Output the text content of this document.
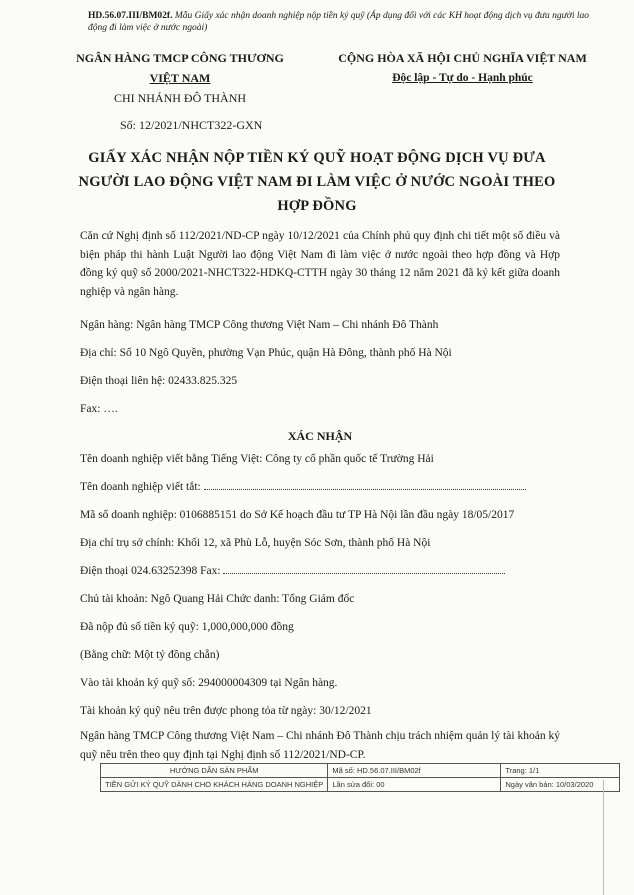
HD.56.07.III/BM02f. Mẫu Giấy xác nhận doanh nghiệp nộp tiền ký quỹ (Áp dụng đối với các KH hoạt động dịch vụ đưa người lao động đi làm việc ở nước ngoài)
NGÂN HÀNG TMCP CÔNG THƯƠNG
VIỆT NAM
CHI NHÁNH ĐÔ THÀNH
Số: 12/2021/NHCT322-GXN
CỘNG HÒA XÃ HỘI CHỦ NGHĨA VIỆT NAM
Độc lập - Tự do - Hạnh phúc
GIẤY XÁC NHẬN NỘP TIỀN KÝ QUỸ HOẠT ĐỘNG DỊCH VỤ ĐƯA
NGƯỜI LAO ĐỘNG VIỆT NAM ĐI LÀM VIỆC Ở NƯỚC NGOÀI THEO
HỢP ĐỒNG

Căn cứ Nghị định số 112/2021/ND-CP ngày 10/12/2021 của Chính phủ quy định chi tiết một số điều và biện pháp thi hành Luật Người lao động Việt Nam đi làm việc ở nước ngoài theo hợp đồng và Hợp đồng ký quỹ số 2000/2021-NHCT322-HDKQ-CTTH ngày 30 tháng 12 năm 2021 đã ký kết giữa doanh nghiệp và ngân hàng.

Ngân hàng: Ngân hàng TMCP Công thương Việt Nam – Chi nhánh Đô Thành
Địa chỉ: Số 10 Ngô Quyền, phường Vạn Phúc, quận Hà Đông, thành phố Hà Nội
Điện thoại liên hệ: 02433.825.325
Fax: ….
XÁC NHẬN
Tên doanh nghiệp viết bằng Tiếng Việt: Công ty cổ phần quốc tế Trường Hải
Tên doanh nghiệp viết tắt:
Mã số doanh nghiệp: 0106885151 do Sở Kế hoạch đầu tư TP Hà Nội lần đầu ngày 18/05/2017
Địa chỉ trụ sở chính: Khối 12, xã Phù Lỗ, huyện Sóc Sơn, thành phố Hà Nội
Điện thoại 024.63252398 Fax:
Chủ tài khoản: Ngô Quang Hải Chức danh: Tổng Giám đốc
Đã nộp đủ số tiền ký quỹ: 1,000,000,000 đồng
(Bằng chữ: Một tỷ đồng chẵn)
Vào tài khoản ký quỹ số: 294000004309 tại Ngân hàng.
Tài khoản ký quỹ nêu trên được phong tỏa từ ngày: 30/12/2021

Ngân hàng TMCP Công thương Việt Nam – Chi nhánh Đô Thành chịu trách nhiệm quản lý tài khoản ký quỹ nêu trên theo quy định tại Nghị định số 112/2021/ND-CP.

HƯỚNG DẪN SẢN PHẨM	Mã số: HD.56.07.III/BM02f	Trang: 1/1
TIỀN GỬI KÝ QUỸ DÀNH CHO KHÁCH HÀNG DOANH NGHIỆP	Lần sửa đổi: 00	Ngày văn bản: 10/03/2020
